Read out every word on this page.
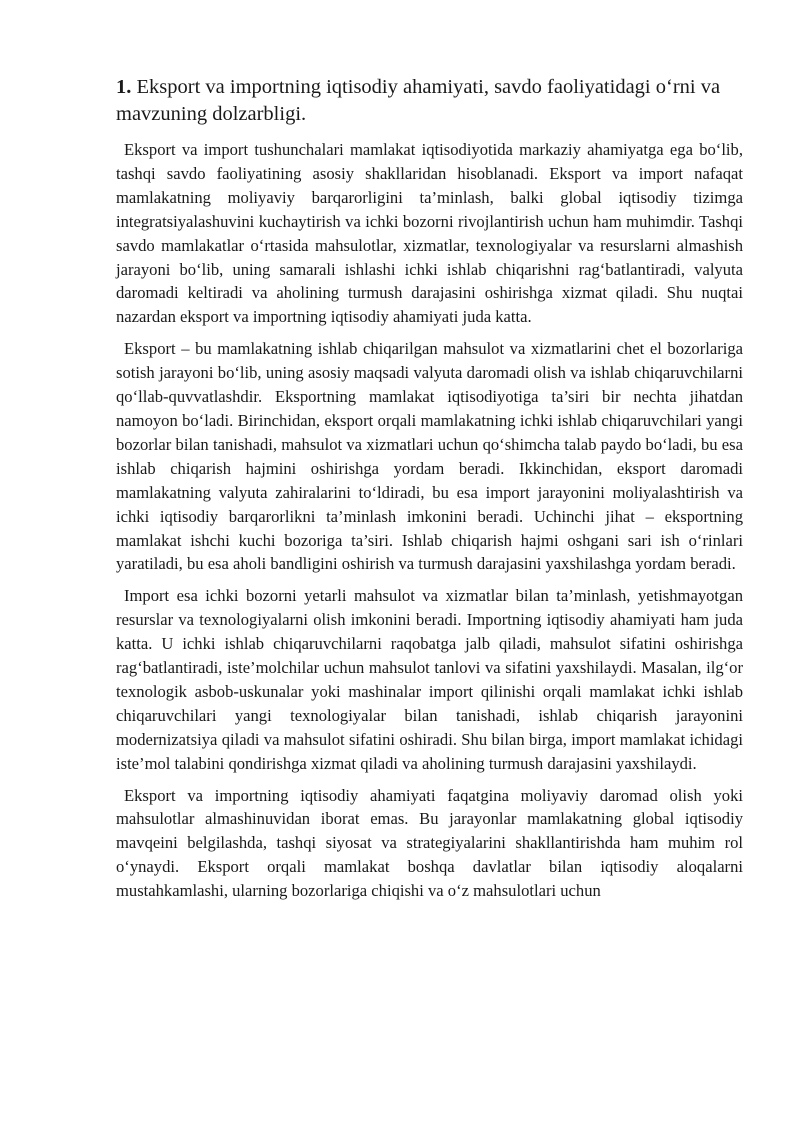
1. Eksport va importning iqtisodiy ahamiyati, savdo faoliyatidagi o‘rni va mavzuning dolzarbligi.

Eksport va import tushunchalari mamlakat iqtisodiyotida markaziy ahamiyatga ega bo‘lib, tashqi savdo faoliyatining asosiy shakllaridan hisoblanadi. Eksport va import nafaqat mamlakatning moliyaviy barqarorligini ta’minlash, balki global iqtisodiy tizimga integratsiyalashuvini kuchaytirish va ichki bozorni rivojlantirish uchun ham muhimdir. Tashqi savdo mamlakatlar o‘rtasida mahsulotlar, xizmatlar, texnologiyalar va resurslarni almashish jarayoni bo‘lib, uning samarali ishlashi ichki ishlab chiqarishni rag‘batlantiradi, valyuta daromadi keltiradi va aholining turmush darajasini oshirishga xizmat qiladi. Shu nuqtai nazardan eksport va importning iqtisodiy ahamiyati juda katta.

Eksport – bu mamlakatning ishlab chiqarilgan mahsulot va xizmatlarini chet el bozorlariga sotish jarayoni bo‘lib, uning asosiy maqsadi valyuta daromadi olish va ishlab chiqaruvchilarni qo‘llab-quvvatlashdir. Eksportning mamlakat iqtisodiyotiga ta’siri bir nechta jihatdan namoyon bo‘ladi. Birinchidan, eksport orqali mamlakatning ichki ishlab chiqaruvchilari yangi bozorlar bilan tanishadi, mahsulot va xizmatlari uchun qo‘shimcha talab paydo bo‘ladi, bu esa ishlab chiqarish hajmini oshirishga yordam beradi. Ikkinchidan, eksport daromadi mamlakatning valyuta zahiralarini to‘ldiradi, bu esa import jarayonini moliyalashtirish va ichki iqtisodiy barqarorlikni ta’minlash imkonini beradi. Uchinchi jihat – eksportning mamlakat ishchi kuchi bozoriga ta’siri. Ishlab chiqarish hajmi oshgani sari ish o‘rinlari yaratiladi, bu esa aholi bandligini oshirish va turmush darajasini yaxshilashga yordam beradi.

Import esa ichki bozorni yetarli mahsulot va xizmatlar bilan ta’minlash, yetishmayotgan resurslar va texnologiyalarni olish imkonini beradi. Importning iqtisodiy ahamiyati ham juda katta. U ichki ishlab chiqaruvchilarni raqobatga jalb qiladi, mahsulot sifatini oshirishga rag‘batlantiradi, iste’molchilar uchun mahsulot tanlovi va sifatini yaxshilaydi. Masalan, ilg‘or texnologik asbob-uskunalar yoki mashinalar import qilinishi orqali mamlakat ichki ishlab chiqaruvchilari yangi texnologiyalar bilan tanishadi, ishlab chiqarish jarayonini modernizatsiya qiladi va mahsulot sifatini oshiradi. Shu bilan birga, import mamlakat ichidagi iste’mol talabini qondirishga xizmat qiladi va aholining turmush darajasini yaxshilaydi.

Eksport va importning iqtisodiy ahamiyati faqatgina moliyaviy daromad olish yoki mahsulotlar almashinuvidan iborat emas. Bu jarayonlar mamlakatning global iqtisodiy mavqeini belgilashda, tashqi siyosat va strategiyalarini shakllantirishda ham muhim rol o‘ynaydi. Eksport orqali mamlakat boshqa davlatlar bilan iqtisodiy aloqalarni mustahkamlashi, ularning bozorlariga chiqishi va o‘z mahsulotlari uchun
